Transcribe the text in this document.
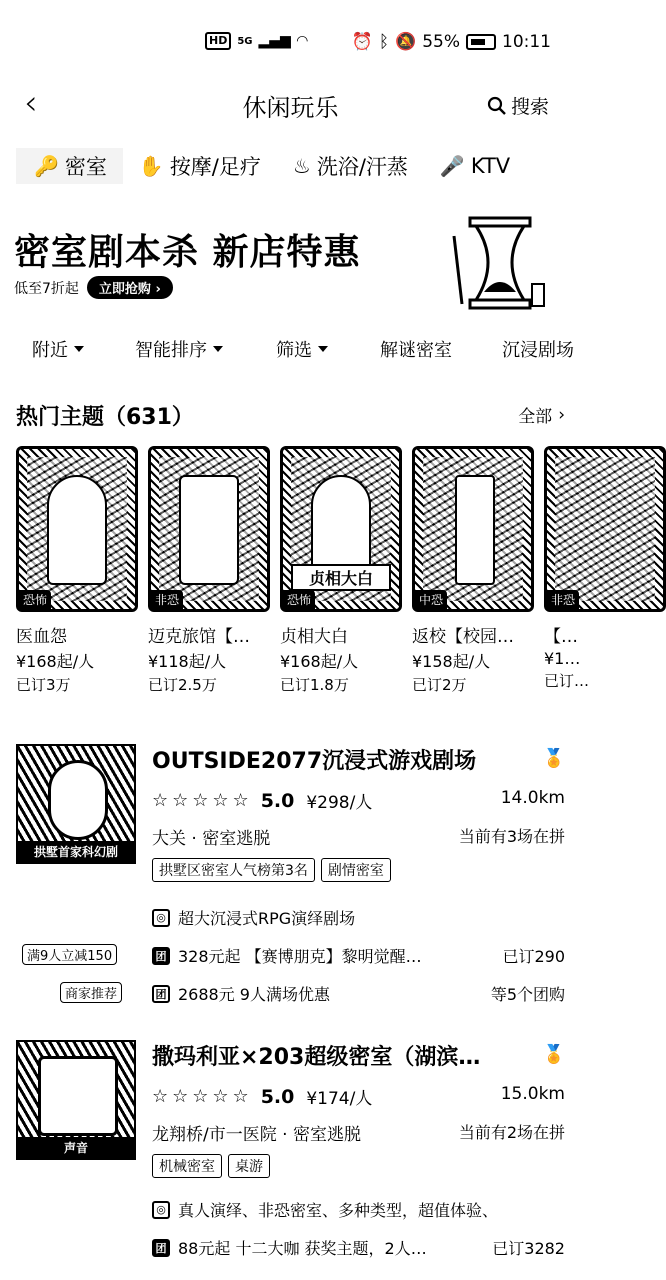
HD	5G ▂▄▆ ◠	⏰ ᛒ 🔕 55% 10:11
‹	休闲玩乐	搜索
🔑 密室 ✋ 按摩/足疗 ♨ 洗浴/汗蒸 🎤 KTV
密室剧本杀 新店特惠
低至7折起	立即抢购 ›
附近	智能排序	筛选	解谜密室	沉浸剧场
热门主题（631）	全部 ›
恐怖
医血怨
¥168起/人
已订3万
非恐
迈克旅馆【…
¥118起/人
已订2.5万
贞相大白
恐怖
贞相大白
¥168起/人
已订1.8万
中恐
返校【校园…
¥158起/人
已订2万
非恐
【…
¥1…
已订…
拱墅首家科幻剧
OUTSIDE2077沉浸式游戏剧场	🏅
☆☆☆☆☆ 5.0 ¥298/人	14.0km
大关 · 密室逃脱	当前有3场在拼
拱墅区密室人气榜第3名	剧情密室
◎ 超大沉浸式RPG演绎剧场
满9人立减150	团 328元起 【赛博朋克】黎明觉醒…	已订290
商家推荐	团 2688元 9人满场优惠	等5个团购
声音
撒玛利亚×203超级密室（湖滨…	🏅
☆☆☆☆☆ 5.0 ¥174/人	15.0km
龙翔桥/市一医院 · 密室逃脱	当前有2场在拼
机械密室	桌游
◎ 真人演绎、非恐密室、多种类型，超值体验、
团 88元起 十二大咖 获奖主题，2人…	已订3282
